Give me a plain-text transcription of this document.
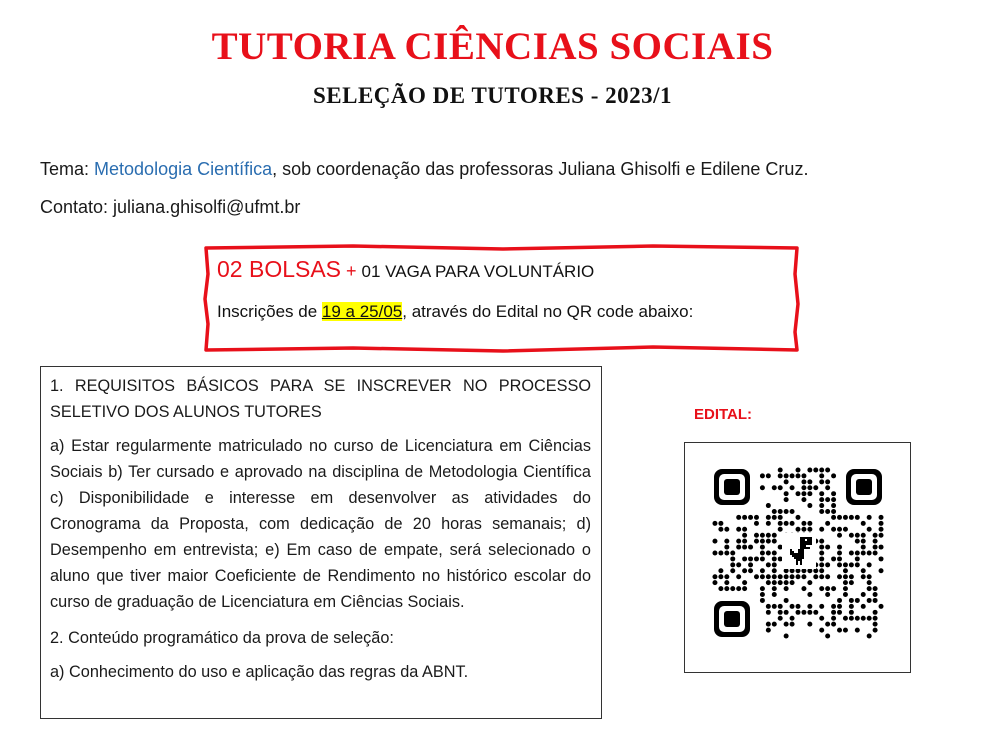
TUTORIA CIÊNCIAS SOCIAIS
SELEÇÃO DE TUTORES - 2023/1
Tema: Metodologia Científica, sob coordenação das professoras Juliana Ghisolfi e Edilene Cruz.
Contato: juliana.ghisolfi@ufmt.br
02 BOLSAS + 01 VAGA PARA VOLUNTÁRIO
Inscrições de 19 a 25/05, através do Edital no QR code abaixo:

1. REQUISITOS BÁSICOS PARA SE INSCREVER NO PROCESSO SELETIVO DOS ALUNOS TUTORES

a) Estar regularmente matriculado no curso de Licenciatura em Ciências Sociais b) Ter cursado e aprovado na disciplina de Metodologia Científica c) Disponibilidade e interesse em desenvolver as atividades do Cronograma da Proposta, com dedicação de 20 horas semanais; d) Desempenho em entrevista; e) Em caso de empate, será selecionado o aluno que tiver maior Coeficiente de Rendimento no histórico escolar do curso de graduação de Licenciatura em Ciências Sociais.

2. Conteúdo programático da prova de seleção:

a) Conhecimento do uso e aplicação das regras da ABNT.

EDITAL:
